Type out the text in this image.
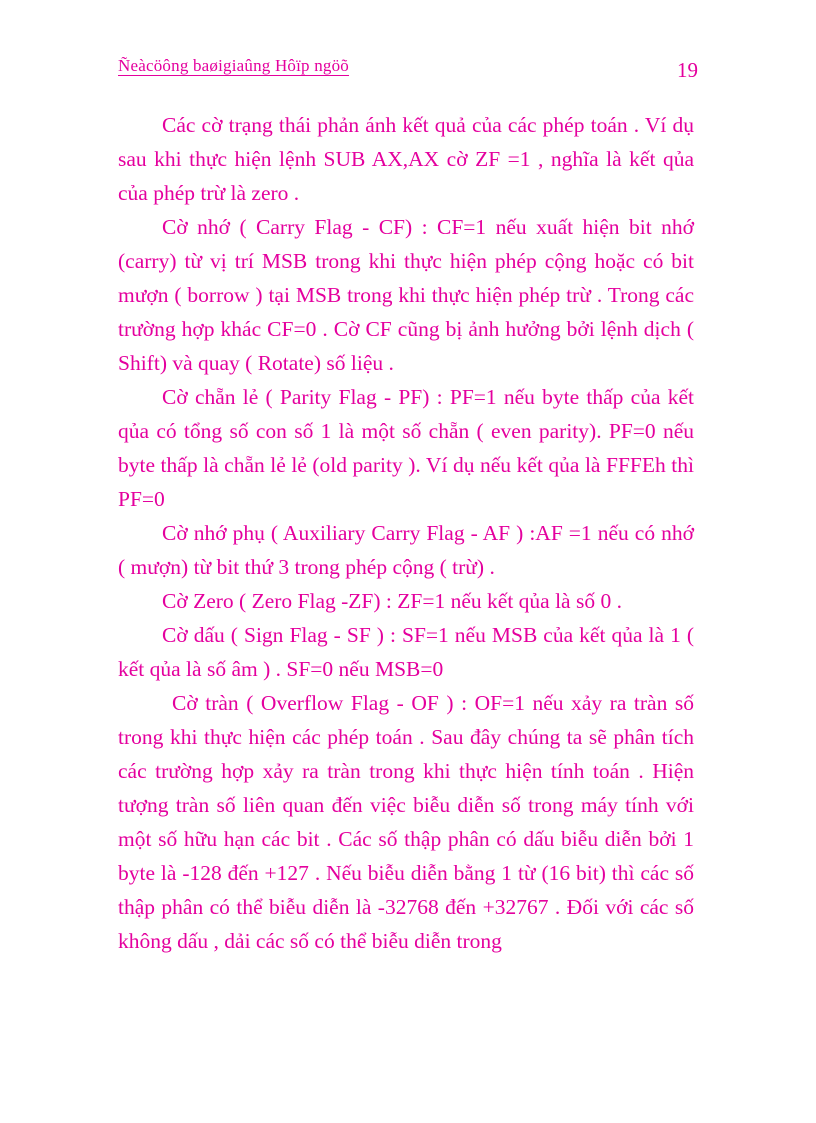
Ñeàcöông baøigiaûng Hôïp ngöõ	19

Các cờ trạng thái phản ánh kết quả của các phép toán . Ví dụ sau khi thực hiện lệnh SUB AX,AX cờ ZF =1 , nghĩa là kết qủa của phép trừ là zero .

Cờ nhớ ( Carry Flag - CF) : CF=1 nếu xuất hiện bit nhớ (carry) từ vị trí MSB trong khi thực hiện phép cộng hoặc có bit mượn ( borrow ) tại MSB trong khi thực hiện phép trừ . Trong các trường hợp khác CF=0 . Cờ CF cũng bị ảnh hưởng bởi lệnh dịch ( Shift) và quay ( Rotate) số liệu .

Cờ chẵn lẻ ( Parity Flag - PF) : PF=1 nếu byte thấp của kết qủa có tổng số con số 1 là một số chẵn ( even parity). PF=0 nếu byte thấp là chẵn lẻ lẻ (old parity ). Ví dụ nếu kết qủa là FFFEh thì PF=0

Cờ nhớ phụ ( Auxiliary Carry Flag - AF ) :AF =1 nếu có nhớ ( mượn) từ bit thứ 3 trong phép cộng ( trừ) .

Cờ Zero ( Zero Flag -ZF) : ZF=1 nếu kết qủa là số 0 .

Cờ dấu ( Sign Flag - SF ) : SF=1 nếu MSB của kết qủa là 1 ( kết qủa là số âm ) . SF=0 nếu MSB=0

Cờ tràn ( Overflow Flag - OF ) : OF=1 nếu xảy ra tràn số trong khi thực hiện các phép toán . Sau đây chúng ta sẽ phân tích các trường hợp xảy ra tràn trong khi thực hiện tính toán . Hiện tượng tràn số liên quan đến việc biễu diễn số trong máy tính với một số hữu hạn các bit . Các số thập phân có dấu biễu diễn bởi 1 byte là -128 đến +127 . Nếu biễu diễn bằng 1 từ (16 bit) thì các số thập phân có thể biễu diễn là -32768 đến +32767 . Đối với các số không dấu , dải các số có thể biễu diễn trong
